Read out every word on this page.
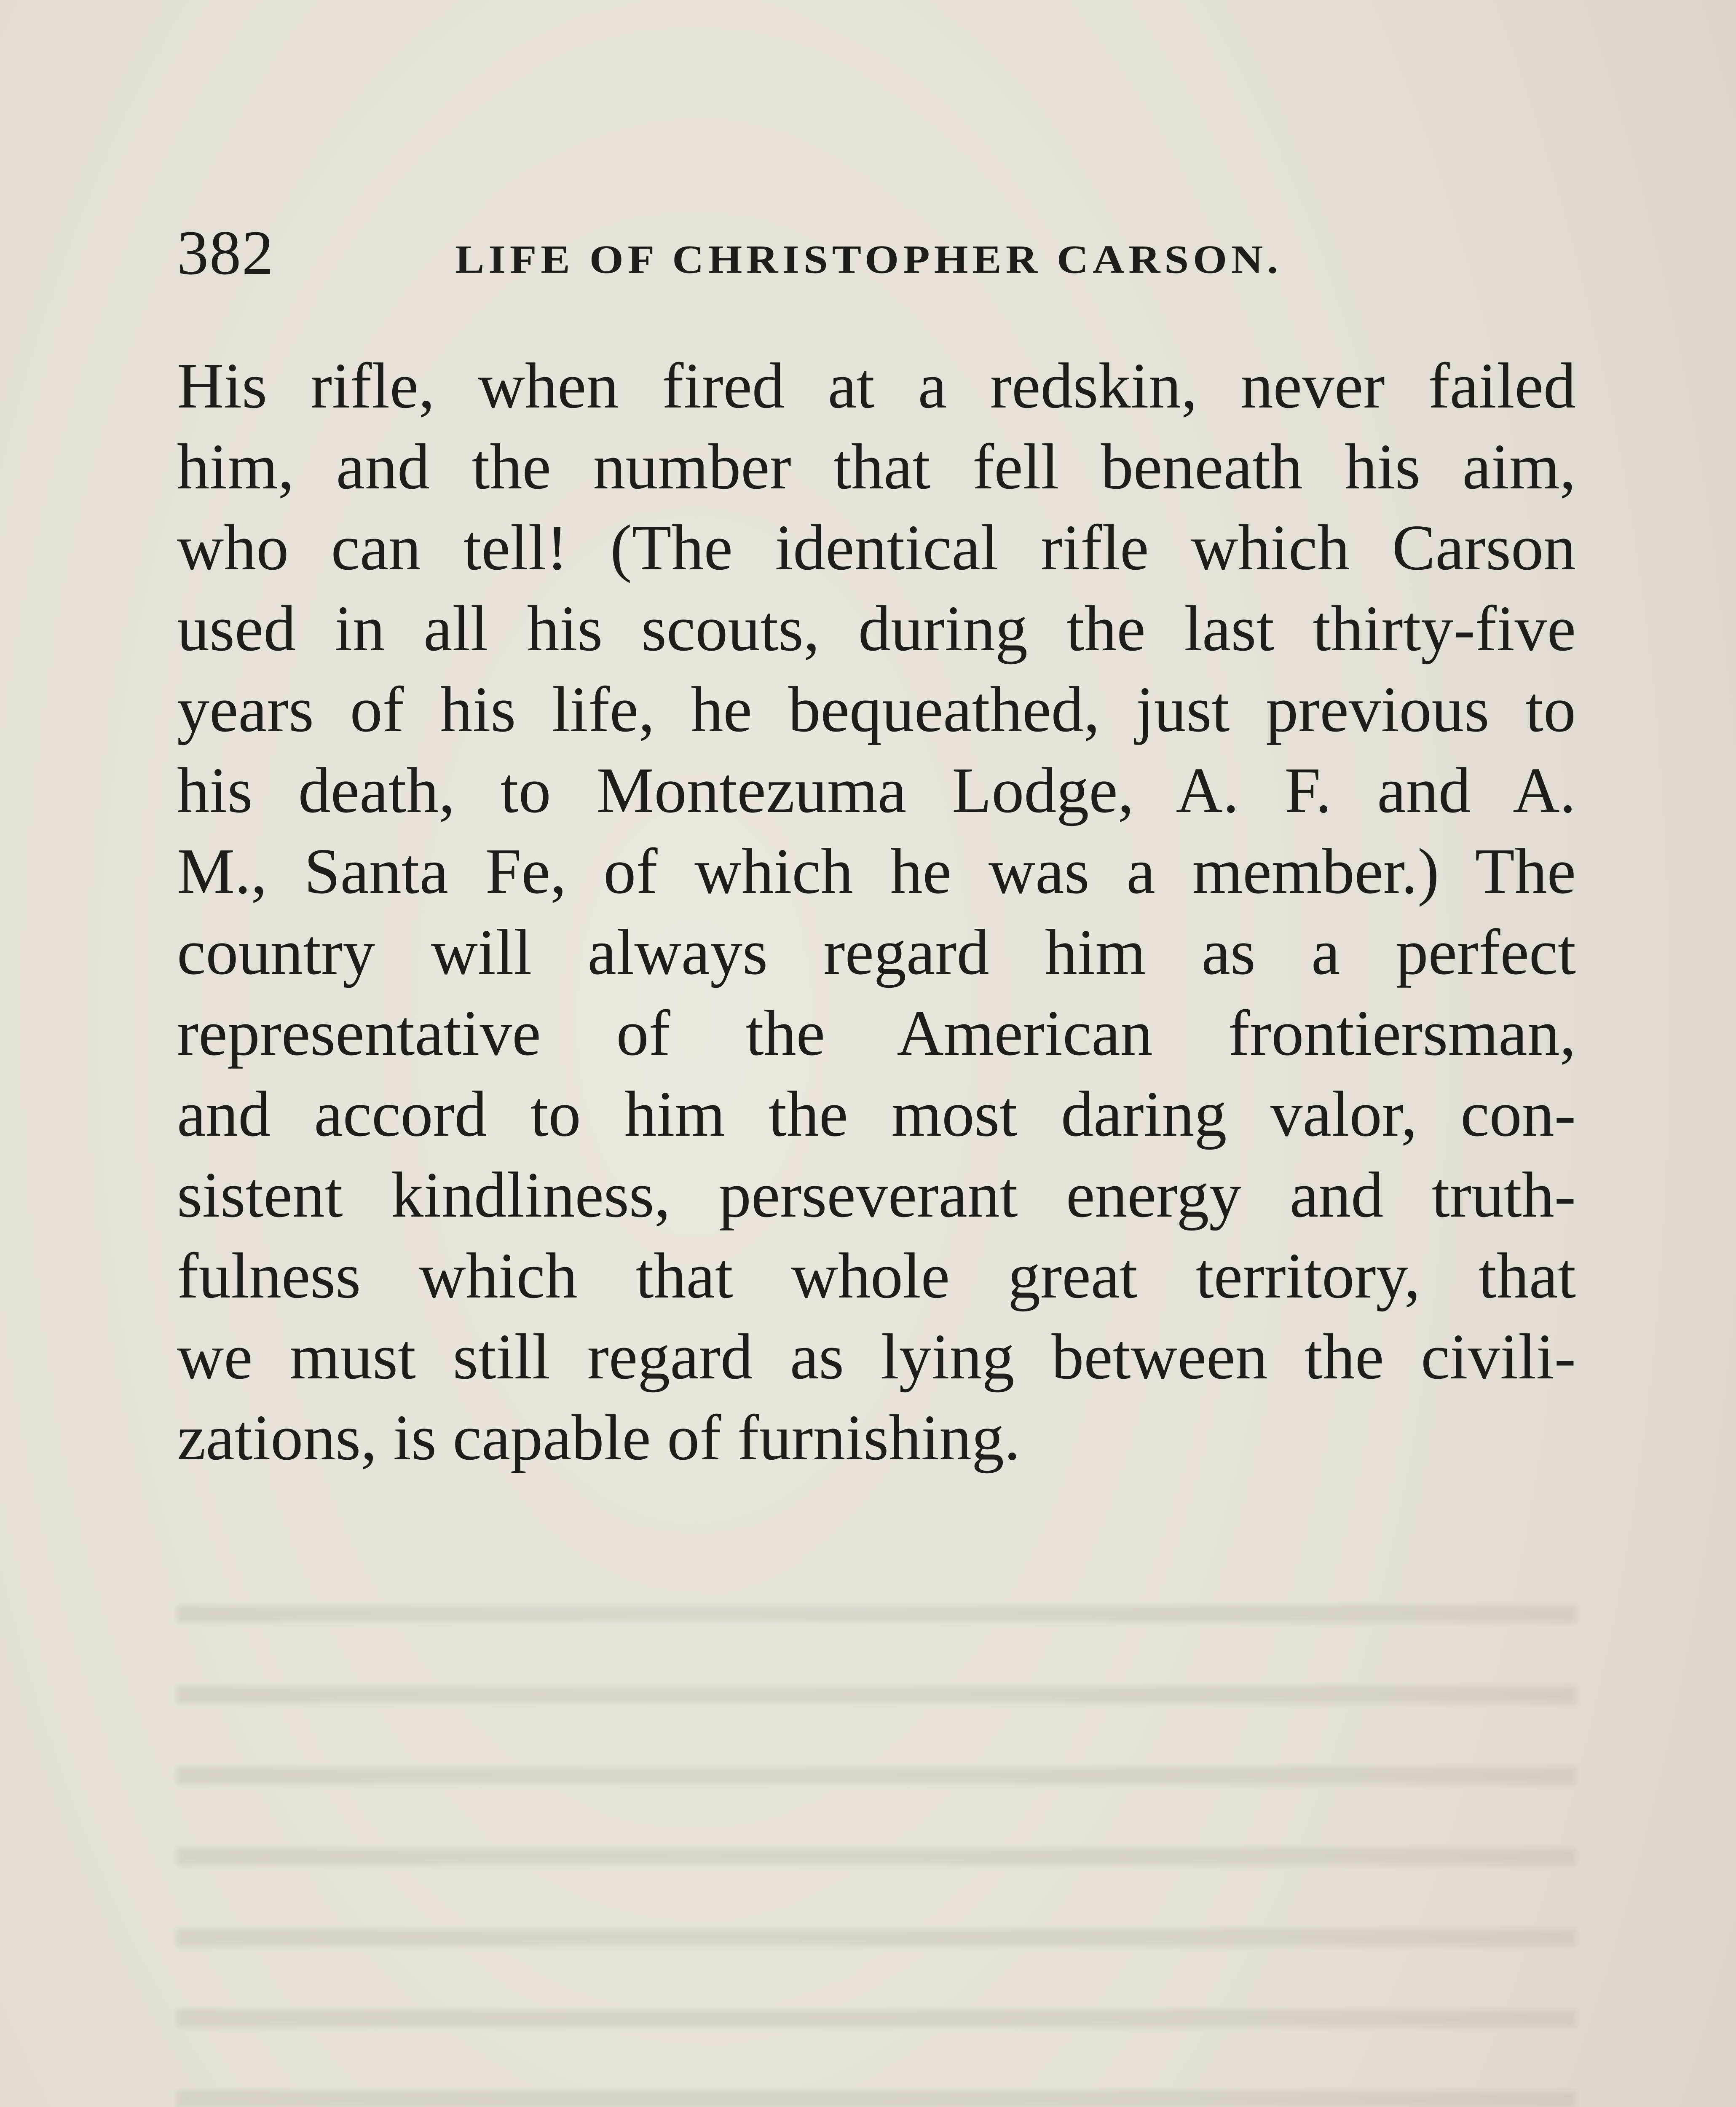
382	LIFE OF CHRISTOPHER CARSON.
His rifle, when fired at a redskin, never failed
him, and the number that fell beneath his aim,
who can tell! (The identical rifle which Carson
used in all his scouts, during the last thirty-five
years of his life, he bequeathed, just previous to
his death, to Montezuma Lodge, A. F. and A.
M., Santa Fe, of which he was a member.) The
country will always regard him as a perfect
representative of the American frontiersman,
and accord to him the most daring valor, con-
sistent kindliness, perseverant energy and truth-
fulness which that whole great territory, that
we must still regard as lying between the civili-
zations, is capable of furnishing.
